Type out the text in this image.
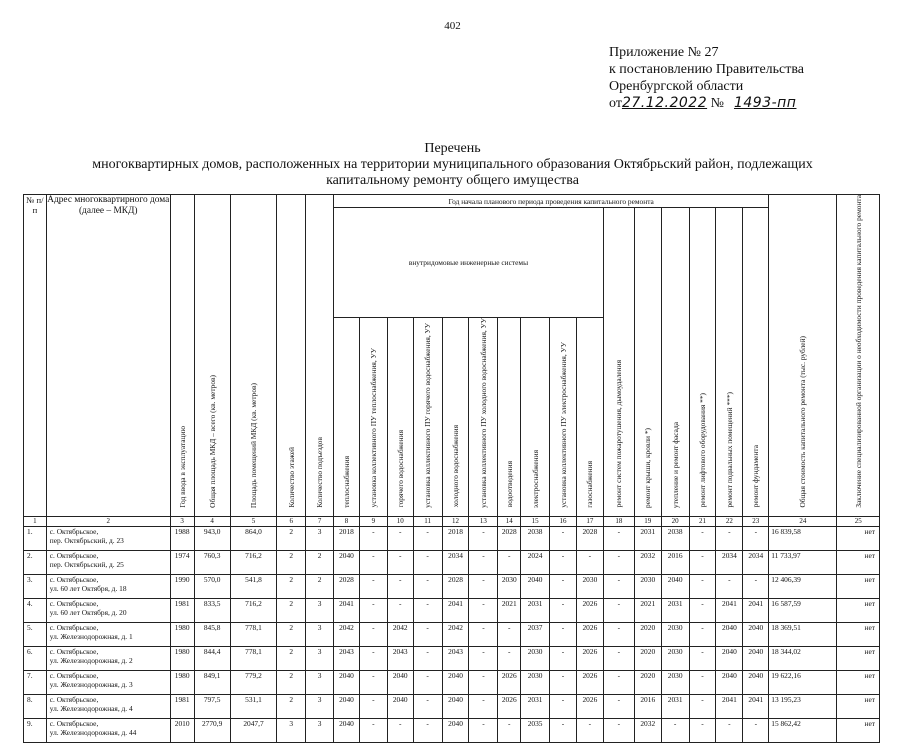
402
Приложение № 27
к постановлению Правительства
Оренбургской области
от27.12.2022 № 1493-пп
Перечень
многоквартирных домов, расположенных на территории муниципального образования Октябрьский район, подлежащих
капитальному ремонту общего имущества
№ п/п	Адрес многоквартирного дома (далее – МКД)	Год ввода в эксплуатацию	Общая площадь МКД – всего (кв. метров)	Площадь помещений МКД (кв. метров)	Количество этажей	Количество подъездов	Год начала планового периода проведения капитального ремонта																Общая стоимость капитального ремонта (тыс. рублей)	Заключение специализированной организации о необходимости проведения капитального ремонта
							внутридомовые инженерные системы										ремонт систем пожаротушения, дымоудаления	ремонт крыши, кровли *)	утепление и ремонт фасада	ремонт лифтового оборудования **)	ремонт подвальных помещений ***)	ремонт фундамента		
							теплоснабжения	установка коллективного ПУ теплоснабжения, УУ	горячего водоснабжения	установка коллективного ПУ горячего водоснабжения, УУ	холодного водоснабжения	установка коллективного ПУ холодного водоснабжения, УУ	водоотведения	электроснабжения	установка коллективного ПУ электроснабжения, УУ	газоснабжения								
1	2	3	4	5	6	7	8	9	10	11	12	13	14	15	16	17	18	19	20	21	22	23	24	25
1.	с. Октябрьское,
пер. Октябрьский, д. 23	1988	943,0	864,0	2	3	2018	-	-	-	2018	-	2028	2038	-	2028	-	2031	2038	-	-	-	16 839,58	нет
2.	с. Октябрьское,
пер. Октябрьский, д. 25	1974	760,3	716,2	2	2	2040	-	-	-	2034	-	-	2024	-	-	-	2032	2016	-	2034	2034	11 733,97	нет
3.	с. Октябрьское,
ул. 60 лет Октября, д. 18	1990	570,0	541,8	2	2	2028	-	-	-	2028	-	2030	2040	-	2030	-	2030	2040	-	-	-	12 406,39	нет
4.	с. Октябрьское,
ул. 60 лет Октября, д. 20	1981	833,5	716,2	2	3	2041	-	-	-	2041	-	2021	2031	-	2026	-	2021	2031	-	2041	2041	16 587,59	нет
5.	с. Октябрьское,
ул. Железнодорожная, д. 1	1980	845,8	778,1	2	3	2042	-	2042	-	2042	-	-	2037	-	2026	-	2020	2030	-	2040	2040	18 369,51	нет
6.	с. Октябрьское,
ул. Железнодорожная, д. 2	1980	844,4	778,1	2	3	2043	-	2043	-	2043	-	-	2030	-	2026	-	2020	2030	-	2040	2040	18 344,02	нет
7.	с. Октябрьское,
ул. Железнодорожная, д. 3	1980	849,1	779,2	2	3	2040	-	2040	-	2040	-	2026	2030	-	2026	-	2020	2030	-	2040	2040	19 622,16	нет
8.	с. Октябрьское,
ул. Железнодорожная, д. 4	1981	797,5	531,1	2	3	2040	-	2040	-	2040	-	2026	2031	-	2026	-	2016	2031	-	2041	2041	13 195,23	нет
9.	с. Октябрьское,
ул. Железнодорожная, д. 44	2010	2770,9	2047,7	3	3	2040	-	-	-	2040	-	-	2035	-	-	-	2032	-	-	-	-	15 862,42	нет
